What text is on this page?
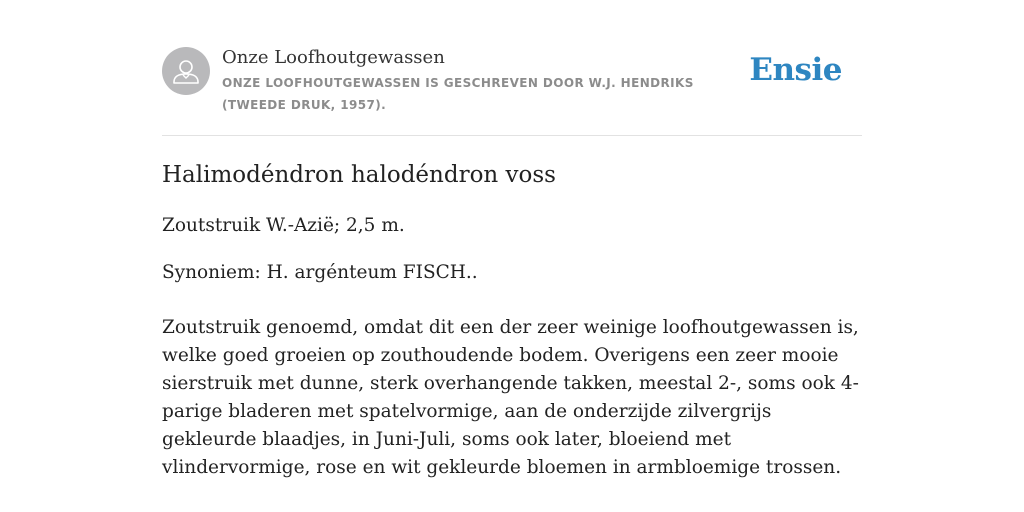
Onze Loofhoutgewassen
ONZE LOOFHOUTGEWASSEN IS GESCHREVEN DOOR W.J. HENDRIKS (TWEEDE DRUK, 1957).
Ensie
Halimodéndron halodéndron voss

Zoutstruik W.-Azië; 2,5 m.

Synoniem: H. argénteum FISCH..

Zoutstruik genoemd, omdat dit een der zeer weinige loofhoutgewassen is, welke goed groeien op zouthoudende bodem. Overigens een zeer mooie sierstruik met dunne, sterk overhangende takken, meestal 2-, soms ook 4-parige bladeren met spatelvormige, aan de onderzijde zilvergrijs gekleurde blaadjes, in Juni-Juli, soms ook later, bloeiend met vlindervormige, rose en wit gekleurde bloemen in armbloemige trossen.
